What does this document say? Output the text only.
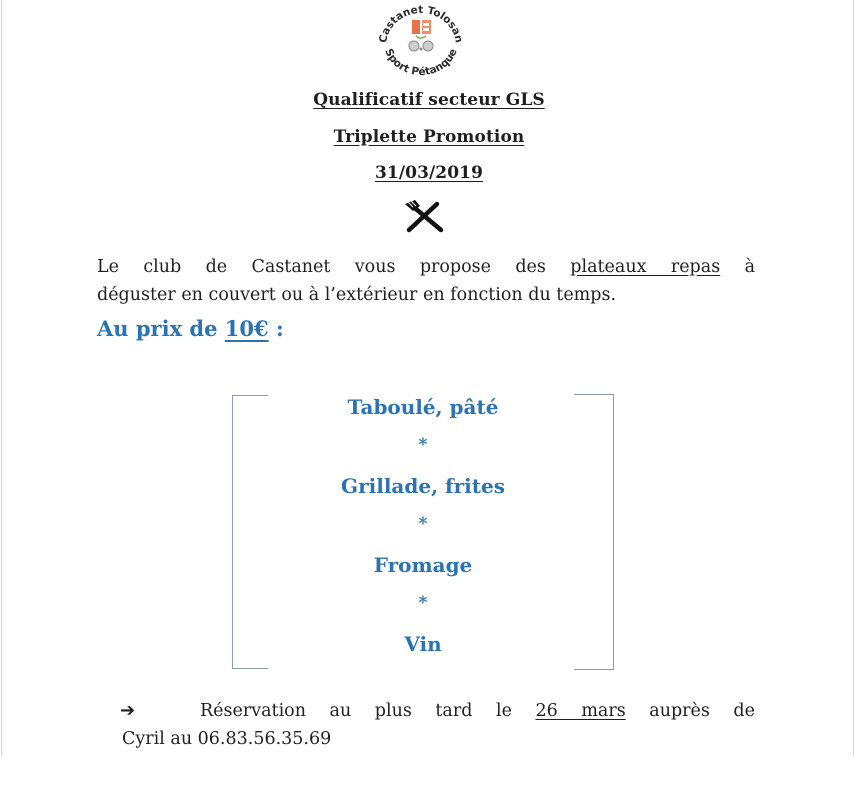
Castanet Tolosan
Sport Pétanque
Qualificatif secteur GLS
Triplette Promotion
31/03/2019
Le club de Castanet vous propose des plateaux repas à
déguster en couvert ou à l’extérieur en fonction du temps.
Au prix de 10€ :
Taboulé, pâté
*
Grillade, frites
*
Fromage
*
Vin
➔	Réservation au plus tard le 26 mars auprès de
Cyril au 06.83.56.35.69
